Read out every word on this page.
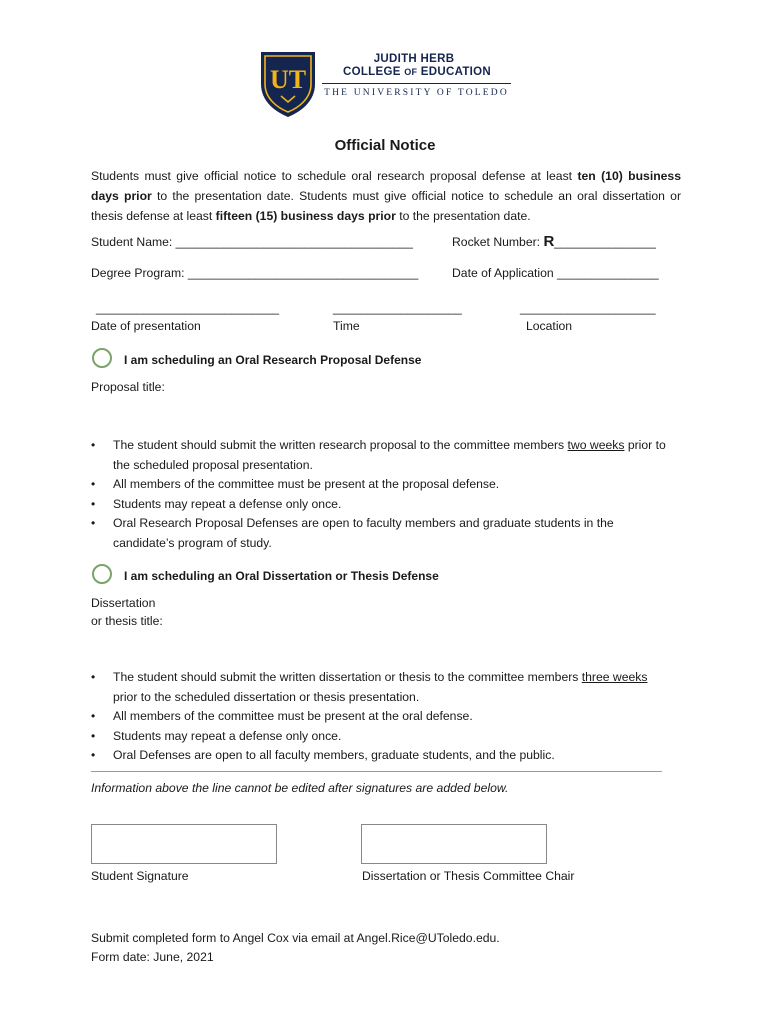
UT
JUDITH HERB
COLLEGE OF EDUCATION
THE UNIVERSITY OF TOLEDO
Official Notice
Students must give official notice to schedule oral research proposal defense at least ten (10) business days prior to the presentation date. Students must give official notice to schedule an oral dissertation or thesis defense at least fifteen (15) business days prior to the presentation date.
Student Name: ___________________________________	Rocket Number: R_______________
Degree Program: __________________________________	Date of Application _______________
___________________________	___________________	____________________
Date of presentation	Time	Location
I am scheduling an Oral Research Proposal Defense
Proposal title:
• The student should submit the written research proposal to the committee members two weeks prior to the scheduled proposal presentation.
• All members of the committee must be present at the proposal defense.
• Students may repeat a defense only once.
• Oral Research Proposal Defenses are open to faculty members and graduate students in the candidate’s program of study.
I am scheduling an Oral Dissertation or Thesis Defense
Dissertation
or thesis title:
• The student should submit the written dissertation or thesis to the committee members three weeks prior to the scheduled dissertation or thesis presentation.
• All members of the committee must be present at the oral defense.
• Students may repeat a defense only once.
• Oral Defenses are open to all faculty members, graduate students, and the public.
Information above the line cannot be edited after signatures are added below.
Student Signature	Dissertation or Thesis Committee Chair
Submit completed form to Angel Cox via email at Angel.Rice@UToledo.edu.
Form date: June, 2021
